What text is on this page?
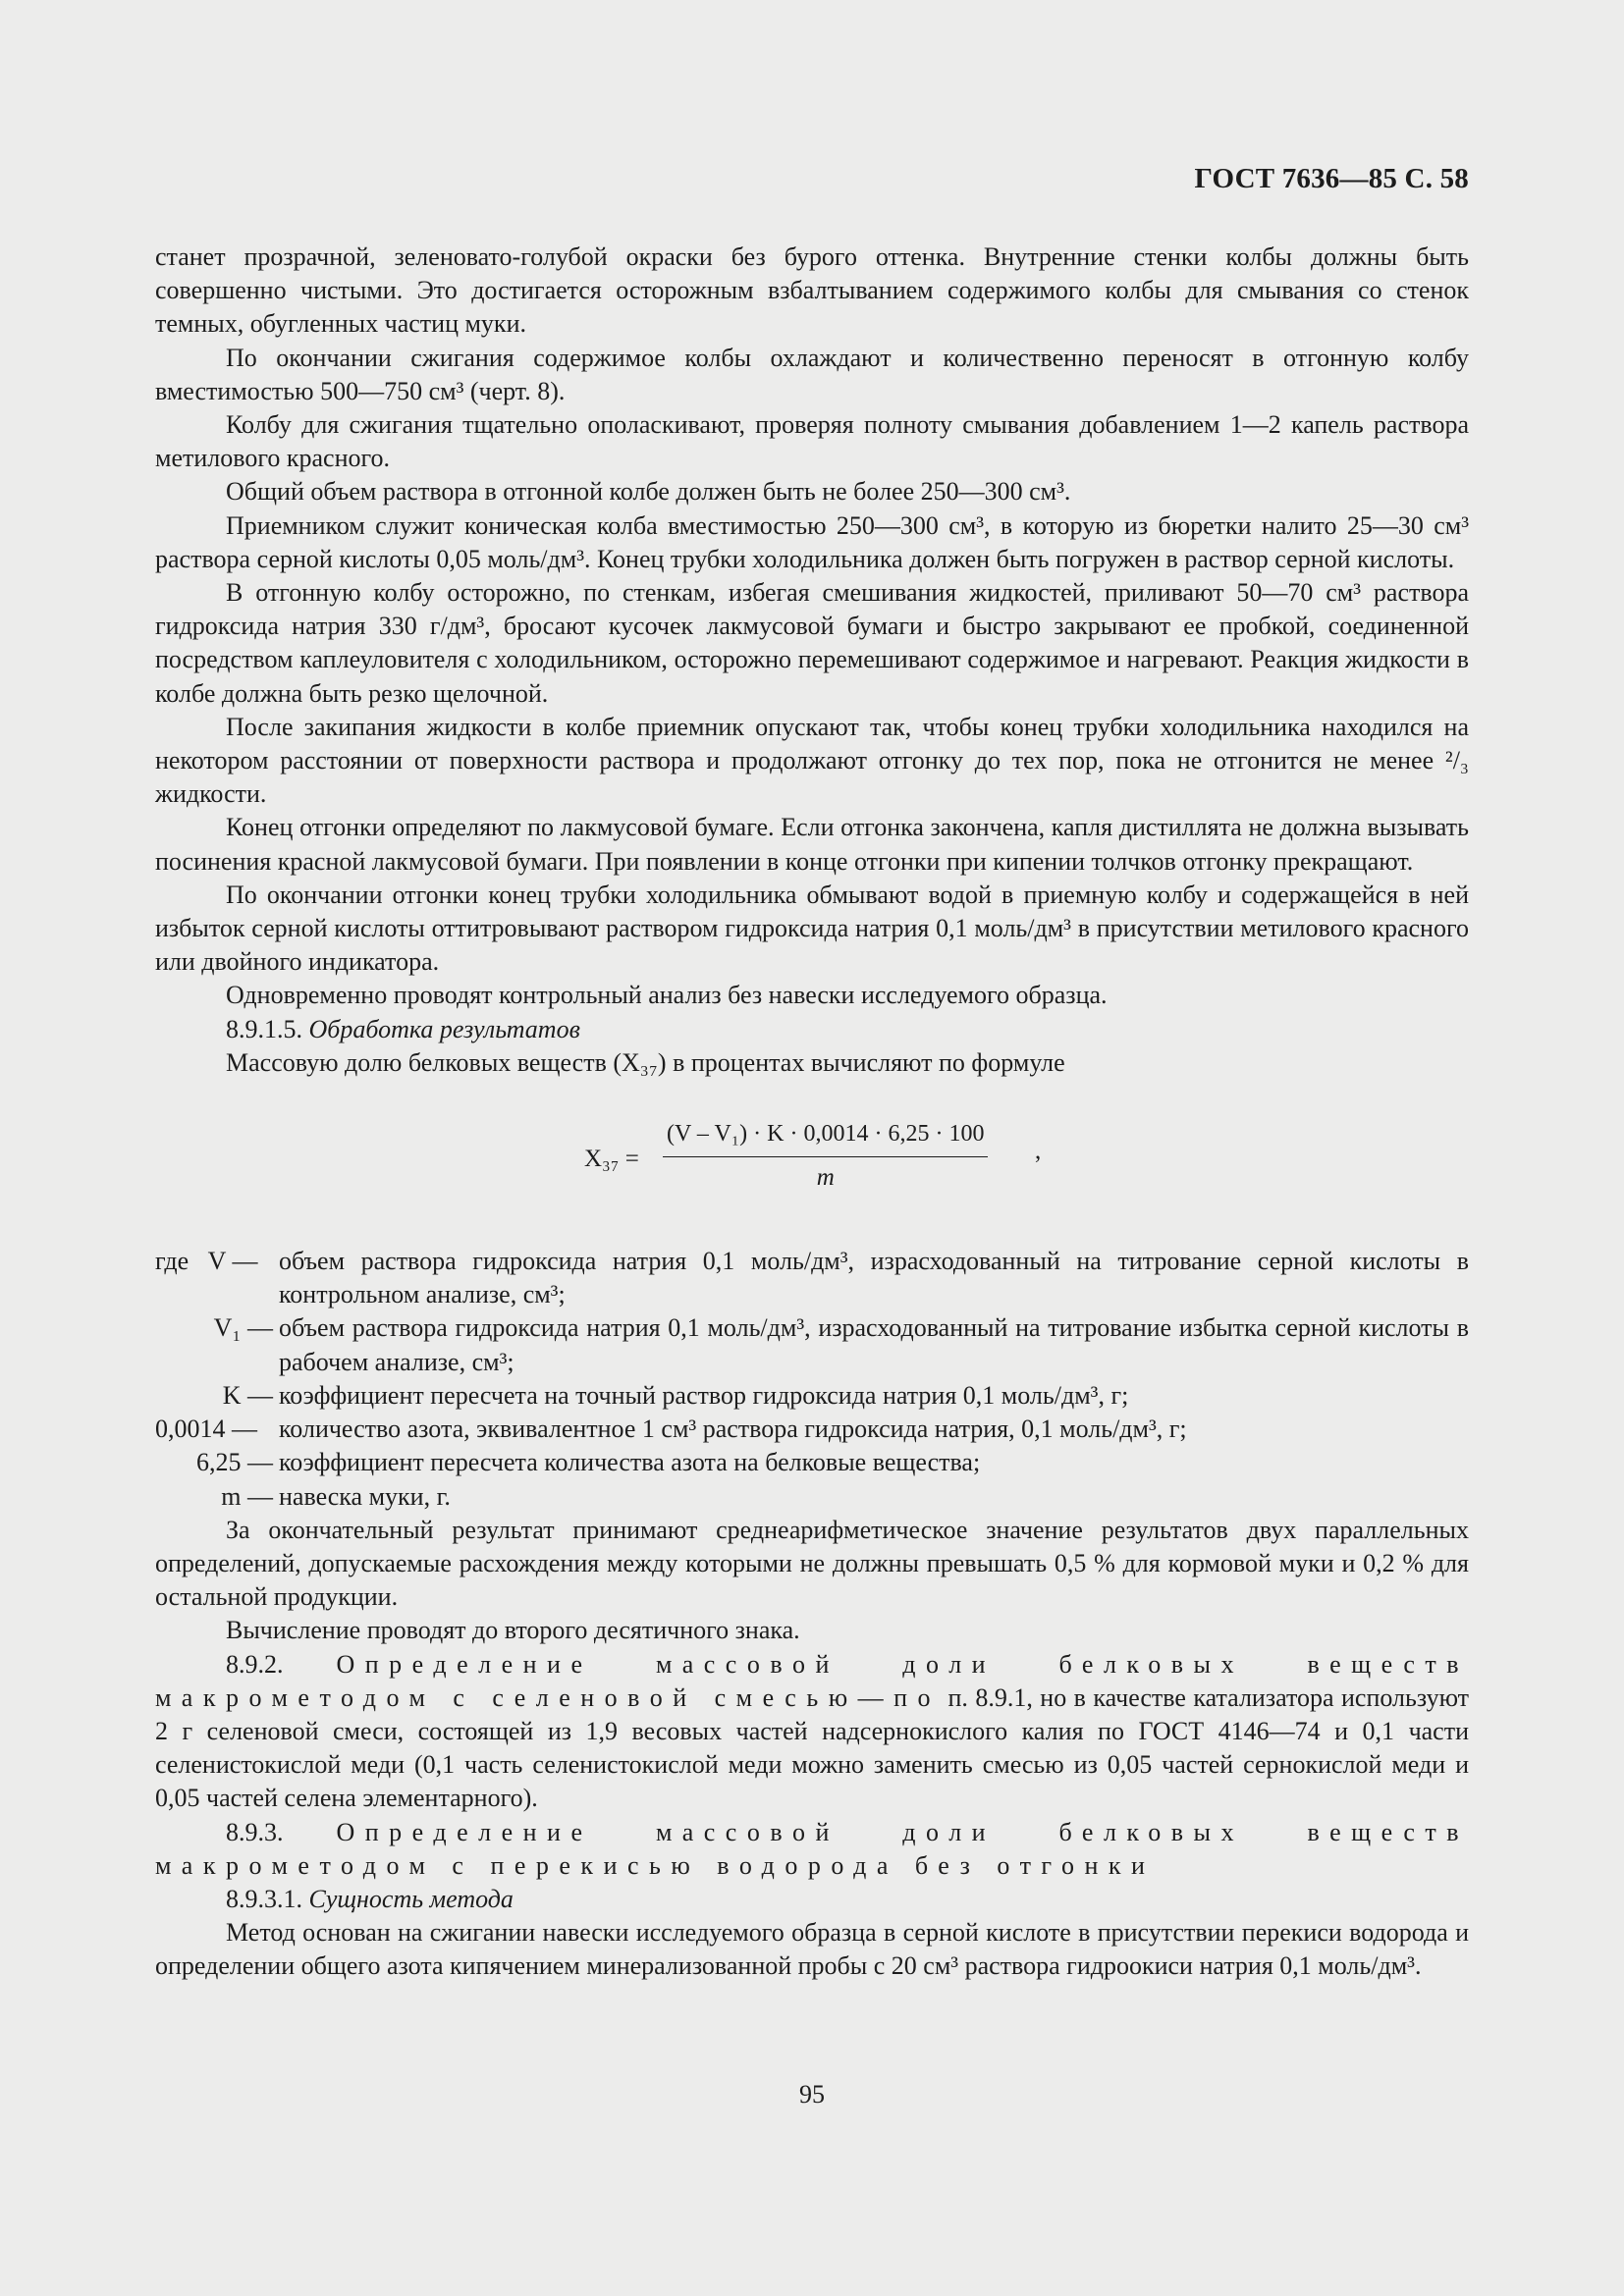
ГОСТ 7636—85 С. 58

станет прозрачной, зеленовато-голубой окраски без бурого оттенка. Внутренние стенки колбы должны быть совершенно чистыми. Это достигается осторожным взбалтыванием содержимого колбы для смывания со стенок темных, обугленных частиц муки.

По окончании сжигания содержимое колбы охлаждают и количественно переносят в отгонную колбу вместимостью 500—750 см³ (черт. 8).

Колбу для сжигания тщательно ополаскивают, проверяя полноту смывания добавлением 1—2 капель раствора метилового красного.

Общий объем раствора в отгонной колбе должен быть не более 250—300 см³.

Приемником служит коническая колба вместимостью 250—300 см³, в которую из бюретки налито 25—30 см³ раствора серной кислоты 0,05 моль/дм³. Конец трубки холодильника должен быть погружен в раствор серной кислоты.

В отгонную колбу осторожно, по стенкам, избегая смешивания жидкостей, приливают 50—70 см³ раствора гидроксида натрия 330 г/дм³, бросают кусочек лакмусовой бумаги и быстро закрывают ее пробкой, соединенной посредством каплеуловителя с холодильником, осторожно перемешивают содержимое и нагревают. Реакция жидкости в колбе должна быть резко щелочной.

После закипания жидкости в колбе приемник опускают так, чтобы конец трубки холодильника находился на некотором расстоянии от поверхности раствора и продолжают отгонку до тех пор, пока не отгонится не менее ²/₃ жидкости.

Конец отгонки определяют по лакмусовой бумаге. Если отгонка закончена, капля дистиллята не должна вызывать посинения красной лакмусовой бумаги. При появлении в конце отгонки при кипении толчков отгонку прекращают.

По окончании отгонки конец трубки холодильника обмывают водой в приемную колбу и содержащейся в ней избыток серной кислоты оттитровывают раствором гидроксида натрия 0,1 моль/дм³ в присутствии метилового красного или двойного индикатора.

Одновременно проводят контрольный анализ без навески исследуемого образца.

8.9.1.5. Обработка результатов

Массовую долю белковых веществ (X₃₇) в процентах вычисляют по формуле

$X_{37} = \frac{\text{(V – V₁) · K · 0,0014 · 6,25 · 100}}{m}$ ,
где   V — объем раствора гидроксида натрия 0,1 моль/дм³, израсходованный на титрование серной кислоты в контрольном анализе, см³;
V₁ — объем раствора гидроксида натрия 0,1 моль/дм³, израсходованный на титрование избытка серной кислоты в рабочем анализе, см³;
K — коэффициент пересчета на точный раствор гидроксида натрия 0,1 моль/дм³, г;
0,0014 — количество азота, эквивалентное 1 см³ раствора гидроксида натрия, 0,1 моль/дм³, г;
6,25 — коэффициент пересчета количества азота на белковые вещества;
m — навеска муки, г.

За окончательный результат принимают среднеарифметическое значение результатов двух параллельных определений, допускаемые расхождения между которыми не должны превышать 0,5 % для кормовой муки и 0,2 % для остальной продукции.

Вычисление проводят до второго десятичного знака.

8.9.2. Определение массовой доли белковых веществ макрометодом с селеновой смесью—по п. 8.9.1, но в качестве катализатора используют 2 г селеновой смеси, состоящей из 1,9 весовых частей надсернокислого калия по ГОСТ 4146—74 и 0,1 части селенистокислой меди (0,1 часть селенистокислой меди можно заменить смесью из 0,05 частей сернокислой меди и 0,05 частей селена элементарного).

8.9.3. Определение массовой доли белковых веществ макрометодом с перекисью водорода без отгонки

8.9.3.1. Сущность метода

Метод основан на сжигании навески исследуемого образца в серной кислоте в присутствии перекиси водорода и определении общего азота кипячением минерализованной пробы с 20 см³ раствора гидроокиси натрия 0,1 моль/дм³.

95
